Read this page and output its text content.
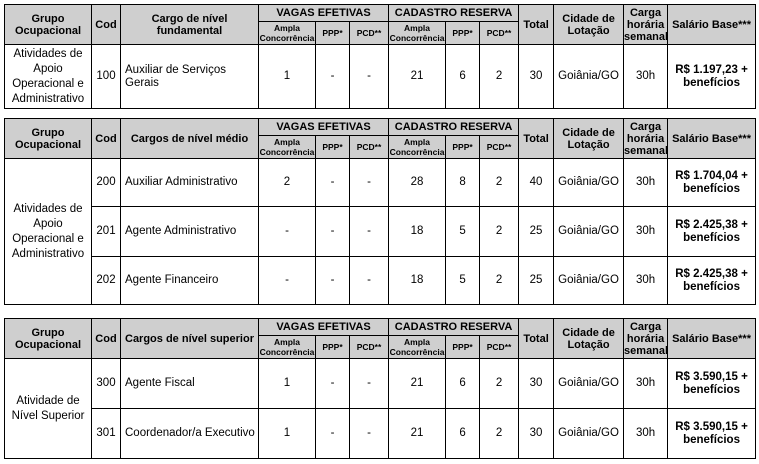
Grupo Ocupacional	Cod	Cargo de nível fundamental	VAGAS EFETIVAS			CADASTRO RESERVA			Total	Cidade de Lotação	Carga horária semanal	Salário Base***
			Ampla Concorrência	PPP*	PCD**	Ampla Concorrência	PPP*	PCD**				
Atividades de Apoio Operacional e Administrativo	100	Auxiliar de Serviços Gerais	1	-	-	21	6	2	30	Goiânia/GO	30h	R$ 1.197,23 + benefícios
Grupo Ocupacional	Cod	Cargos de nível médio	VAGAS EFETIVAS			CADASTRO RESERVA			Total	Cidade de Lotação	Carga horária semanal	Salário Base***
			Ampla Concorrência	PPP*	PCD**	Ampla Concorrência	PPP*	PCD**				
Atividades de Apoio Operacional e Administrativo	200	Auxiliar Administrativo	2	-	-	28	8	2	40	Goiânia/GO	30h	R$ 1.704,04 + benefícios
	201	Agente Administrativo	-	-	-	18	5	2	25	Goiânia/GO	30h	R$ 2.425,38 + benefícios
	202	Agente Financeiro	-	-	-	18	5	2	25	Goiânia/GO	30h	R$ 2.425,38 + benefícios
Grupo Ocupacional	Cod	Cargos de nível superior	VAGAS EFETIVAS			CADASTRO RESERVA			Total	Cidade de Lotação	Carga horária semanal	Salário Base***
			Ampla Concorrência	PPP*	PCD**	Ampla Concorrência	PPP*	PCD**				
Atividade de Nível Superior	300	Agente Fiscal	1	-	-	21	6	2	30	Goiânia/GO	30h	R$ 3.590,15 + benefícios
	301	Coordenador/a Executivo	1	-	-	21	6	2	30	Goiânia/GO	30h	R$ 3.590,15 + benefícios
